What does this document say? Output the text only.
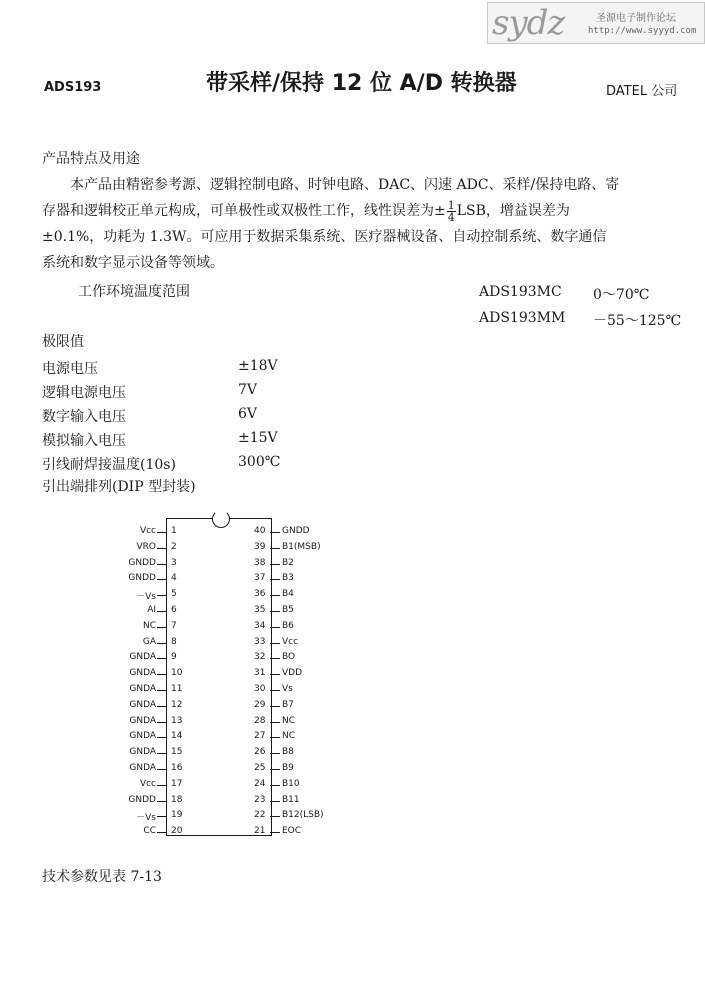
sydz	圣源电子制作论坛
http://www.syyyd.com
ADS193	带采样/保持 12 位 A/D 转换器	DATEL 公司
产品特点及用途

本产品由精密参考源、逻辑控制电路、时钟电路、DAC、闪速 ADC、采样/保持电路、寄

存器和逻辑校正单元构成，可单极性或双极性工作，线性误差为± $\frac{1}{4}$ LSB，增益误差为

±0.1%，功耗为 1.3W。可应用于数据采集系统、医疗器械设备、自动控制系统、数字通信

系统和数字显示设备等领域。

工作环境温度范围	ADS193MC 0～70℃
ADS193MM －55～125℃
极限值
电源电压	±18V
逻辑电源电压	7V
数字输入电压	6V
模拟输入电压	±15V
引线耐焊接温度(10s)	300℃
引出端排列(DIP 型封装)
Vcc 1
VRO 2
GNDD 3
GNDD 4
－Vs 5
AI 6
NC 7
GA 8
GNDA 9
GNDA 10
GNDA 11
GNDA 12
GNDA 13
GNDA 14
GNDA 15
GNDA 16
Vcc 17
GNDD 18
－Vs 19
CC 20
40 GNDD
39 B1(MSB)
38 B2
37 B3
36 B4
35 B5
34 B6
33 Vcc
32 BO
31 VDD
30 Vs
29 B7
28 NC
27 NC
26 B8
25 B9
24 B10
23 B11
22 B12(LSB)
21 EOC
技术参数见表 7-13
